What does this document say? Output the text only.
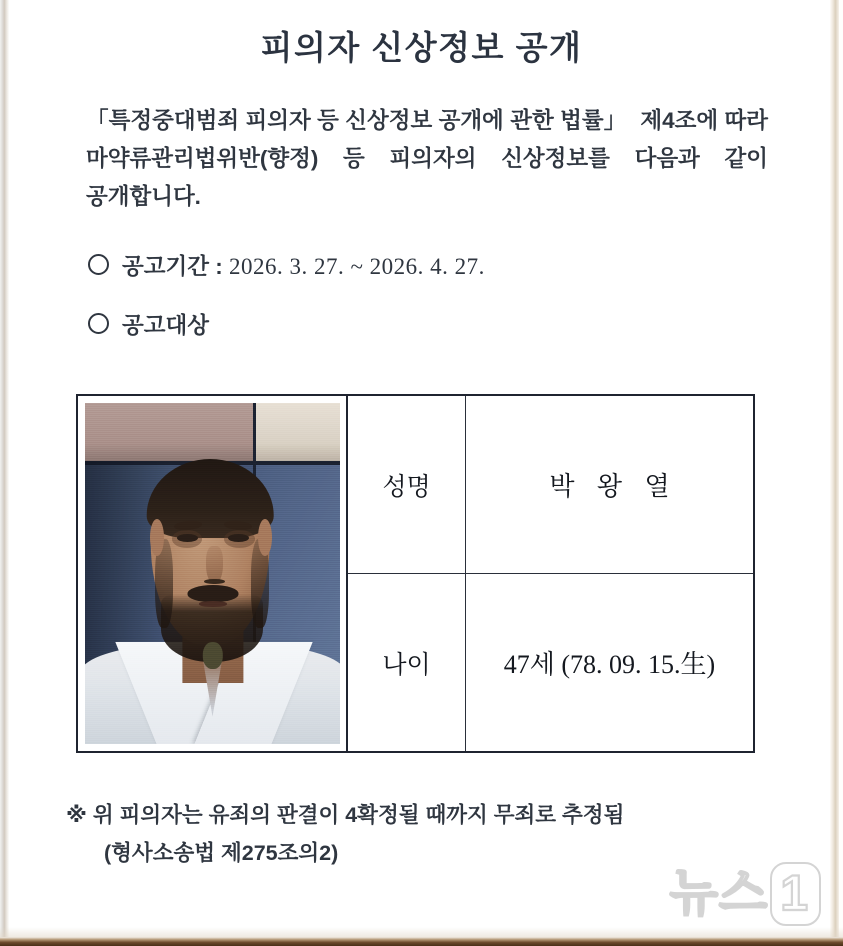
피의자 신상정보 공개
「특정중대범죄 피의자 등 신상정보 공개에 관한 법률」 제4조에 따라 마약류관리법위반(향정) 등 피의자의 신상정보를 다음과 같이 공개합니다.
공고기간 : 2026. 3. 27. ~ 2026. 4. 27.
공고대상
성명	박 왕 열
나이	47세 (78. 09. 15.生)
※ 위 피의자는 유죄의 판결이 4확정될 때까지 무죄로 추정됨
(형사소송법 제275조의2)
뉴스 1
